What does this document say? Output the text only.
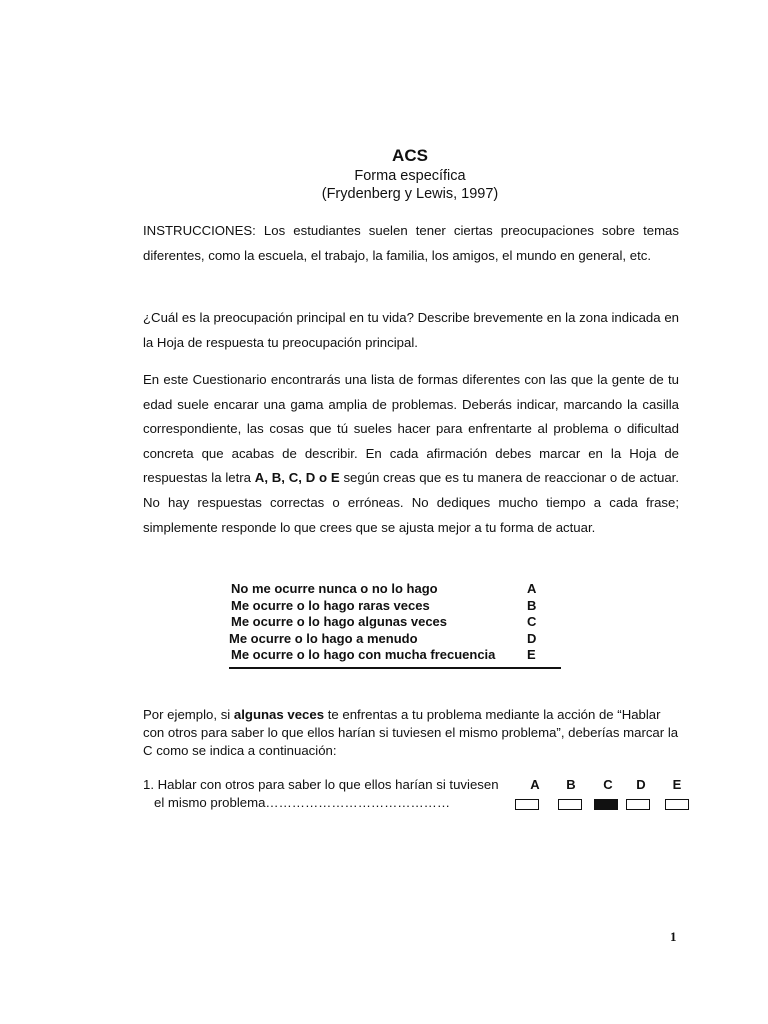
ACS
Forma específica
(Frydenberg y Lewis, 1997)
INSTRUCCIONES: Los estudiantes suelen tener ciertas preocupaciones sobre temas diferentes, como la escuela, el trabajo, la familia, los amigos, el mundo en general, etc.
¿Cuál es la preocupación principal en tu vida? Describe brevemente en la zona indicada en la Hoja de respuesta tu preocupación principal.
En este Cuestionario encontrarás una lista de formas diferentes con las que la gente de tu edad suele encarar una gama amplia de problemas. Deberás indicar, marcando la casilla correspondiente, las cosas que tú sueles hacer para enfrentarte al problema o dificultad concreta que acabas de describir. En cada afirmación debes marcar en la Hoja de respuestas la letra A, B, C, D o E según creas que es tu manera de reaccionar o de actuar. No hay respuestas correctas o erróneas. No dediques mucho tiempo a cada frase; simplemente responde lo que crees que se ajusta mejor a tu forma de actuar.
No me ocurre nunca o no lo hago	A
Me ocurre o lo hago raras veces	B
Me ocurre o lo hago algunas veces	C
Me ocurre o lo hago a menudo	D
Me ocurre o lo hago con mucha frecuencia	E
Por ejemplo, si algunas veces te enfrentas a tu problema mediante la acción de “Hablar con otros para saber lo que ellos harían si tuviesen el mismo problema”, deberías marcar la C como se indica a continuación:
1. Hablar con otros para saber lo que ellos harían si tuviesen
el mismo problema……………………………………
A	B	C	D	E
1
